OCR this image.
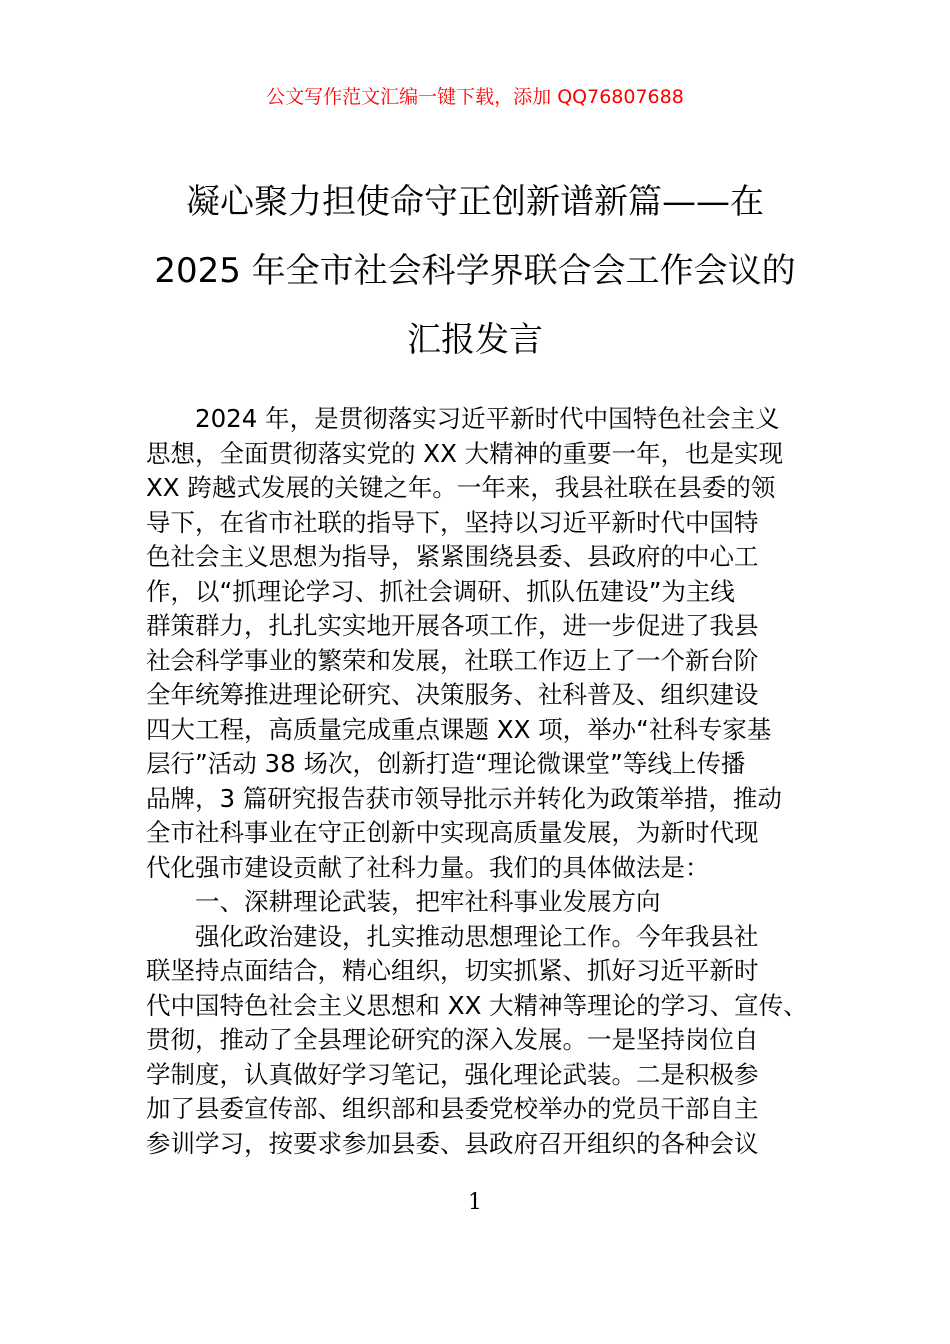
公文写作范文汇编一键下载，添加 QQ76807688
凝心聚力担使命守正创新谱新篇——在
2025 年全市社会科学界联合会工作会议的
汇报发言
2024 年，是贯彻落实习近平新时代中国特色社会主义
思想，全面贯彻落实党的 XX 大精神的重要一年，也是实现
XX 跨越式发展的关键之年。一年来，我县社联在县委的领
导下，在省市社联的指导下，坚持以习近平新时代中国特
色社会主义思想为指导，紧紧围绕县委、县政府的中心工
作，以“抓理论学习、抓社会调研、抓队伍建设”为主线
群策群力，扎扎实实地开展各项工作，进一步促进了我县
社会科学事业的繁荣和发展，社联工作迈上了一个新台阶
全年统筹推进理论研究、决策服务、社科普及、组织建设
四大工程，高质量完成重点课题 XX 项，举办“社科专家基
层行”活动 38 场次，创新打造“理论微课堂”等线上传播
品牌，3 篇研究报告获市领导批示并转化为政策举措，推动
全市社科事业在守正创新中实现高质量发展，为新时代现
代化强市建设贡献了社科力量。我们的具体做法是：
一、深耕理论武装，把牢社科事业发展方向
强化政治建设，扎实推动思想理论工作。今年我县社
联坚持点面结合，精心组织，切实抓紧、抓好习近平新时
代中国特色社会主义思想和 XX 大精神等理论的学习、宣传、
贯彻，推动了全县理论研究的深入发展。一是坚持岗位自
学制度，认真做好学习笔记，强化理论武装。二是积极参
加了县委宣传部、组织部和县委党校举办的党员干部自主
参训学习，按要求参加县委、县政府召开组织的各种会议
1
